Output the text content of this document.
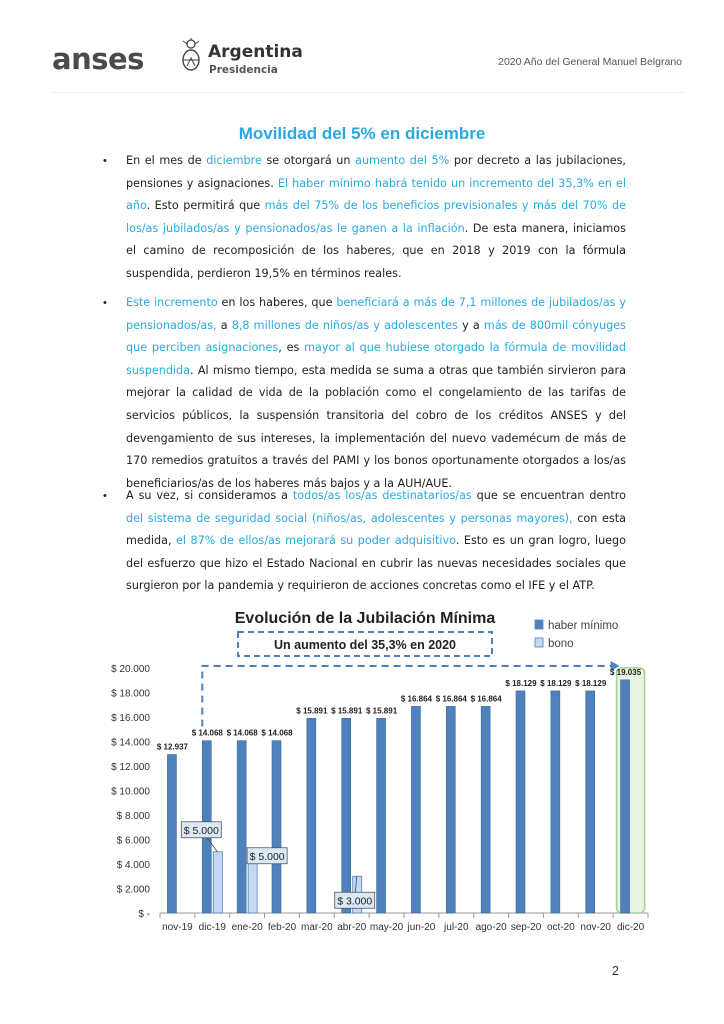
anses	Argentina
Presidencia
2020 Año del General Manuel Belgrano
Movilidad del 5% en diciembre
• En el mes de diciembre se otorgará un aumento del 5% por decreto a las jubilaciones, pensiones y asignaciones. El haber mínimo habrá tenido un incremento del 35,3% en el año. Esto permitirá que más del 75% de los beneficios previsionales y más del 70% de los/as jubilados/as y pensionados/as le ganen a la inflación. De esta manera, iniciamos el camino de recomposición de los haberes, que en 2018 y 2019 con la fórmula suspendida, perdieron 19,5% en términos reales.

• Este incremento en los haberes, que beneficiará a más de 7,1 millones de jubilados/as y pensionados/as, a 8,8 millones de niños/as y adolescentes y a más de 800mil cónyuges que perciben asignaciones, es mayor al que hubiese otorgado la fórmula de movilidad suspendida. Al mismo tiempo, esta medida se suma a otras que también sirvieron para mejorar la calidad de vida de la población como el congelamiento de las tarifas de servicios públicos, la suspensión transitoria del cobro de los créditos ANSES y del devengamiento de sus intereses, la implementación del nuevo vademécum de más de 170 remedios gratuitos a través del PAMI y los bonos oportunamente otorgados a los/as beneficiarios/as de los haberes más bajos y a la AUH/AUE.

• A su vez, si consideramos a todos/as los/as destinatarios/as que se encuentran dentro del sistema de seguridad social (niños/as, adolescentes y personas mayores), con esta medida, el 87% de ellos/as mejorará su poder adquisitivo. Esto es un gran logro, luego del esfuerzo que hizo el Estado Nacional en cubrir las nuevas necesidades sociales que surgieron por la pandemia y requirieron de acciones concretas como el IFE y el ATP.

Evolución de la Jubilación Mínima
Un aumento del 35,3% en 2020
haber mínimo
bono
$ -
$ 2.000
$ 4.000
$ 6.000
$ 8.000
$ 10.000
$ 12.000
$ 14.000
$ 16.000
$ 18.000
$ 20.000
$ 12.937
nov-19
$ 14.068
dic-19
$ 14.068
ene-20
$ 14.068
feb-20
$ 15.891
mar-20
$ 15.891
abr-20
$ 15.891
may-20
$ 16.864
jun-20
$ 16.864
jul-20
$ 16.864
ago-20
$ 18.129
sep-20
$ 18.129
oct-20
$ 18.129
nov-20
$ 19.035
dic-20
$ 5.000
$ 5.000
$ 3.000
2
